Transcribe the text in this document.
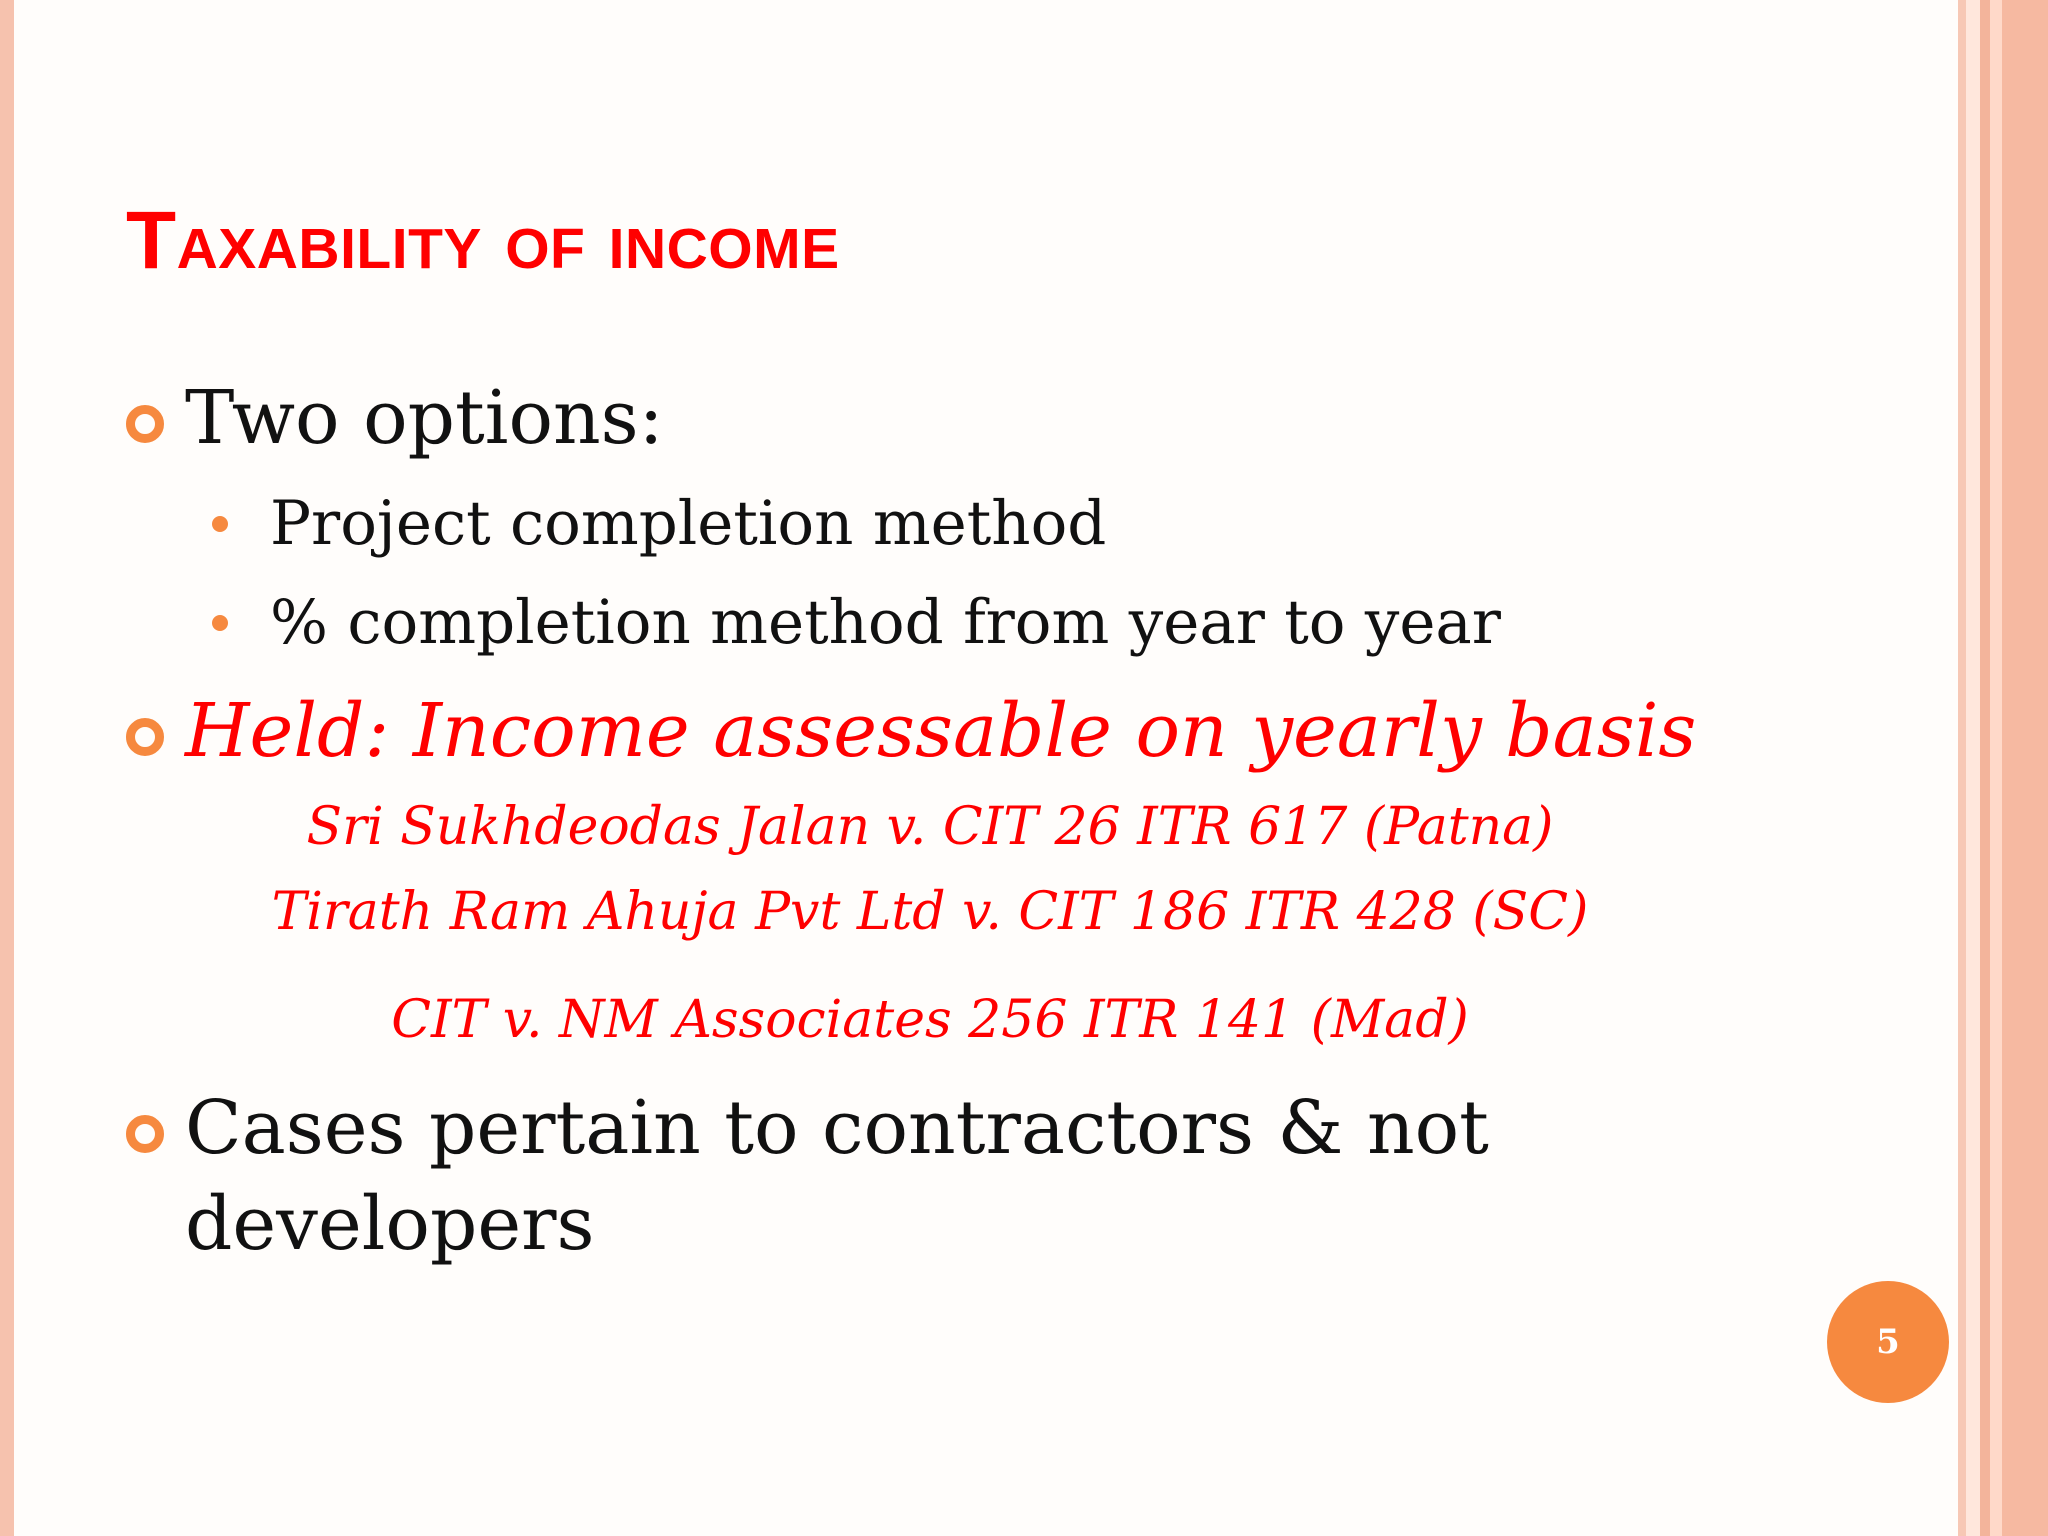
Taxability of income
Two options:
Project completion method
% completion method from year to year
Held: Income assessable on yearly basis
Sri Sukhdeodas Jalan v. CIT 26 ITR 617 (Patna)
Tirath Ram Ahuja Pvt Ltd v. CIT 186 ITR 428 (SC)
CIT v. NM Associates 256 ITR 141 (Mad)
Cases pertain to contractors & not
developers
5
